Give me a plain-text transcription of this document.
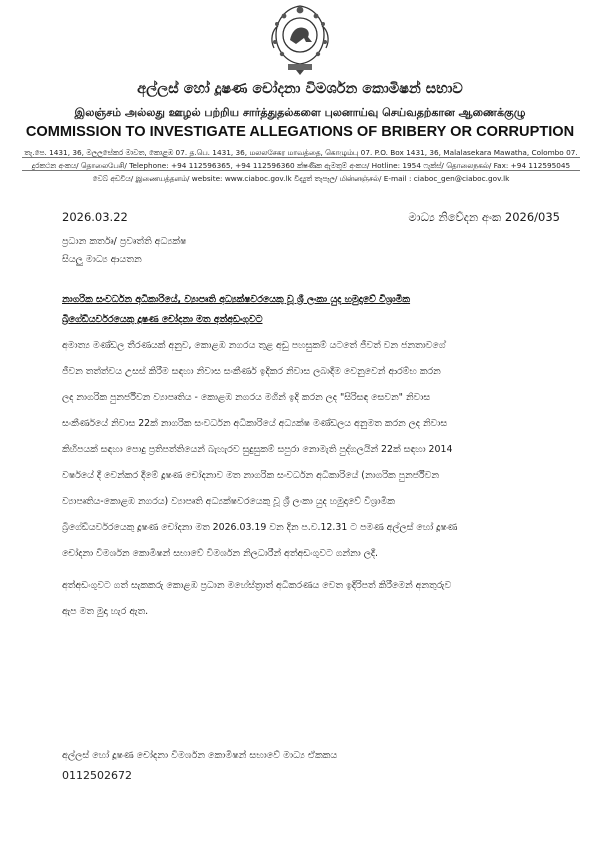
අල්ලස් හෝ දූෂණ චෝදනා විමර්ශන කොමිෂන් සභාව
இலஞ்சம் அல்லது ஊழல் பற்றிய சார்த்துதல்களை புலனாய்வு செய்வதற்கான ஆணைக்குழு
COMMISSION TO INVESTIGATE ALLEGATIONS OF BRIBERY OR CORRUPTION
තැ.පෙ. 1431, 36, මලලසේකර මාවත, කොළඹ 07. த.பெ. 1431, 36, மலலசேகர மாவத்தை, கொழும்பு 07. P.O. Box 1431, 36, Malalasekara Mawatha, Colombo 07.
දුරකථන අංකය/ தொலைபேசி/ Telephone: +94 112596365, +94 112596360 ක්ෂණික ඇමතුම් අංකය/ Hotline: 1954 ෆැක්ස්/ தொலைநகல்/ Fax: +94 112595045
වෙබ් අඩවිය/ இணையத்தளம்/ website: www.ciaboc.gov.lk විද්‍යුත් තැපෑල/ மின்னஞ்சல்/ E-mail : ciaboc_gen@ciaboc.gov.lk
2026.03.22	මාධ්‍ය නිවේදන අංක 2026/035
ප්‍රධාන කර්තෘ/ ප්‍රවෘත්ති අධ්‍යක්ෂ
සියලු මාධ්‍ය ආයතන
නාගරික සංවර්ධන අධිකාරියේ, ව්‍යාපෘති අධ්‍යක්ෂවරයෙකු වූ ශ්‍රී ලංකා යුද හමුදාවේ විශ්‍රාමික
බ්‍රිගේඩියර්වරයෙකු දූෂණ චෝදනා මත අත්අඩංගුවට
අමාත්‍ය මණ්ඩල තීරණයක් අනුව, කොළඹ නගරය තුළ අඩු පහසුකම් යටතේ ජීවත් වන ජනතාවගේ
ජීවන තත්ත්වය උසස් කිරීම සඳහා නිවාස සංකීර්ණ ඉදිකර නිවාස ලබාදීම වෙනුවෙන් ආරම්භ කරන
ලද නාගරික පුනර්ජීවන ව්‍යාපෘතිය - කොළඹ නගරය මගින් ඉදි කරන ලද "සිරිසඳ සෙවන" නිවාස
සංකීර්ණයේ නිවාස 22ක් නාගරික සංවර්ධන අධිකාරියේ අධ්‍යක්ෂ මණ්ඩලය අනුමත කරන ලද නිවාස
කිහිපයක් සඳහා පොදු ප්‍රතිපත්තියෙන් බැහැරව සුදුසුකම් සපුරා නොමැති පුද්ගලයින් 22ක් සඳහා 2014
වර්ෂයේ දී වෙන්කර දීමේ දූෂණ චෝදනාව මත නාගරික සංවර්ධන අධිකාරියේ (නාගරික පුනර්ජීවන
ව්‍යාපෘතිය-කොළඹ නගරය) ව්‍යාපෘති අධ්‍යක්ෂවරයෙකු වූ ශ්‍රී ලංකා යුද හමුදාවේ විශ්‍රාමික
බ්‍රිගේඩියර්වරයෙකු දූෂණ චෝදනා මත 2026.03.19 වන දින ප.ව.12.31 ට පමණ අල්ලස් හෝ දූෂණ
චෝදනා විමර්ශන කොමිෂන් සභාවේ විමර්ශන නිලධාරීන් අත්අඩංගුවට ගන්නා ලදී.
අත්අඩංගුවට ගත් සැකකරු කොළඹ ප්‍රධාන මහේස්ත්‍රාත් අධිකරණය වෙත ඉදිරිපත් කිරීමෙන් අනතුරුව
ඇප මත මුදා හැර ඇත.
අල්ලස් හෝ දූෂණ චෝදනා විමර්ශන කොමිෂන් සභාවේ මාධ්‍ය ඒකකය
0112502672
